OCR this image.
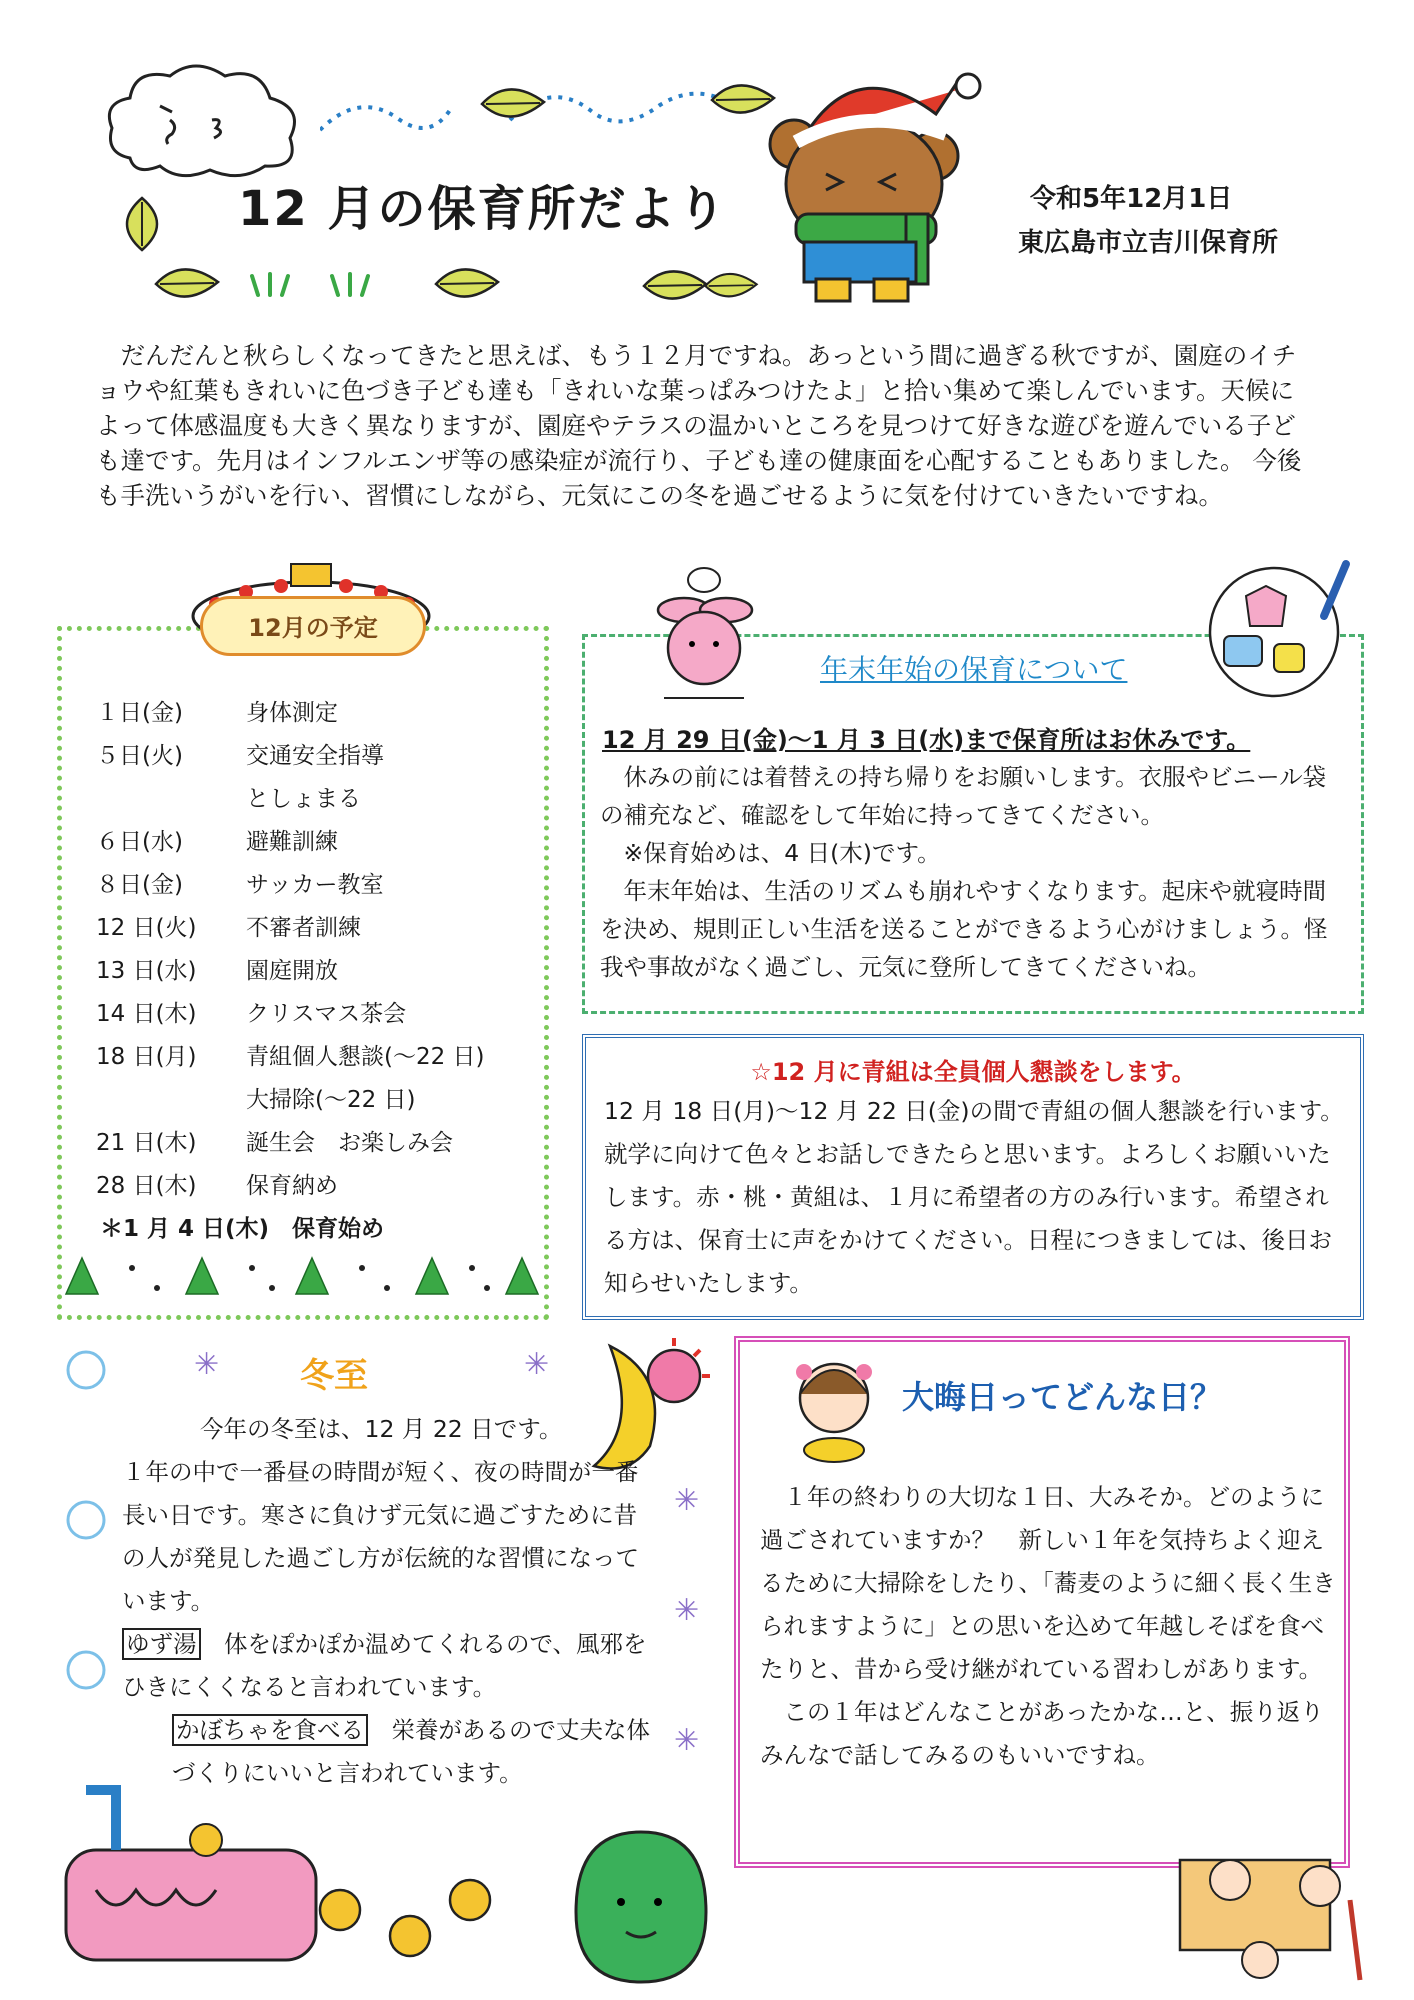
12 月の保育所だより	令和5年12月1日
東広島市立吉川保育所
だんだんと秋らしくなってきたと思えば、もう１２月ですね。あっという間に過ぎる秋ですが、園庭のイチョウや紅葉もきれいに色づき子ども達も「きれいな葉っぱみつけたよ」と拾い集めて楽しんでいます。天候によって体感温度も大きく異なりますが、園庭やテラスの温かいところを見つけて好きな遊びを遊んでいる子ども達です。先月はインフルエンザ等の感染症が流行り、子ども達の健康面を心配することもありました。 今後も手洗いうがいを行い、習慣にしながら、元気にこの冬を過ごせるように気を付けていきたいですね。
12月の予定
１日(金)	身体測定
５日(火)	交通安全指導
としょまる
６日(水)	避難訓練
８日(金)	サッカー教室
12 日(火) 不審者訓練
13 日(水) 園庭開放
14 日(木) クリスマス茶会
18 日(月) 青組個人懇談(～22 日)
大掃除(～22 日)
21 日(木) 誕生会　お楽しみ会
28 日(木) 保育納め
＊1 月 4 日(木)　保育始め
年末年始の保育について
12 月 29 日(金)～1 月 3 日(水)まで保育所はお休みです。

休みの前には着替えの持ち帰りをお願いします。衣服やビニール袋の補充など、確認をして年始に持ってきてください。

※保育始めは、4 日(木)です。

年末年始は、生活のリズムも崩れやすくなります。起床や就寝時間を決め、規則正しい生活を送ることができるよう心がけましょう。怪我や事故がなく過ごし、元気に登所してきてくださいね。

☆12 月に青組は全員個人懇談をします。
12 月 18 日(月)～12 月 22 日(金)の間で青組の個人懇談を行います。就学に向けて色々とお話しできたらと思います。よろしくお願いいたします。赤・桃・黄組は、１月に希望者の方のみ行います。希望される方は、保育士に声をかけてください。日程につきましては、後日お知らせいたします。
✳	✳
✳
✳
✳
冬至

今年の冬至は、12 月 22 日です。

１年の中で一番昼の時間が短く、夜の時間が一番長い日です。寒さに負けず元気に過ごすために昔の人が発見した過ごし方が伝統的な習慣になっています。

ゆず湯　 体をぽかぽか温めてくれるので、風邪をひきにくくなると言われています。

かぼちゃを食べる　 栄養があるので丈夫な体づくりにいいと言われています。

大晦日ってどんな日？

１年の終わりの大切な１日、大みそか。どのように過ごされていますか？　新しい１年を気持ちよく迎えるために大掃除をしたり、「蕎麦のように細く長く生きられますように」との思いを込めて年越しそばを食べたりと、昔から受け継がれている習わしがあります。

この１年はどんなことがあったかな…と、振り返りみんなで話してみるのもいいですね。
